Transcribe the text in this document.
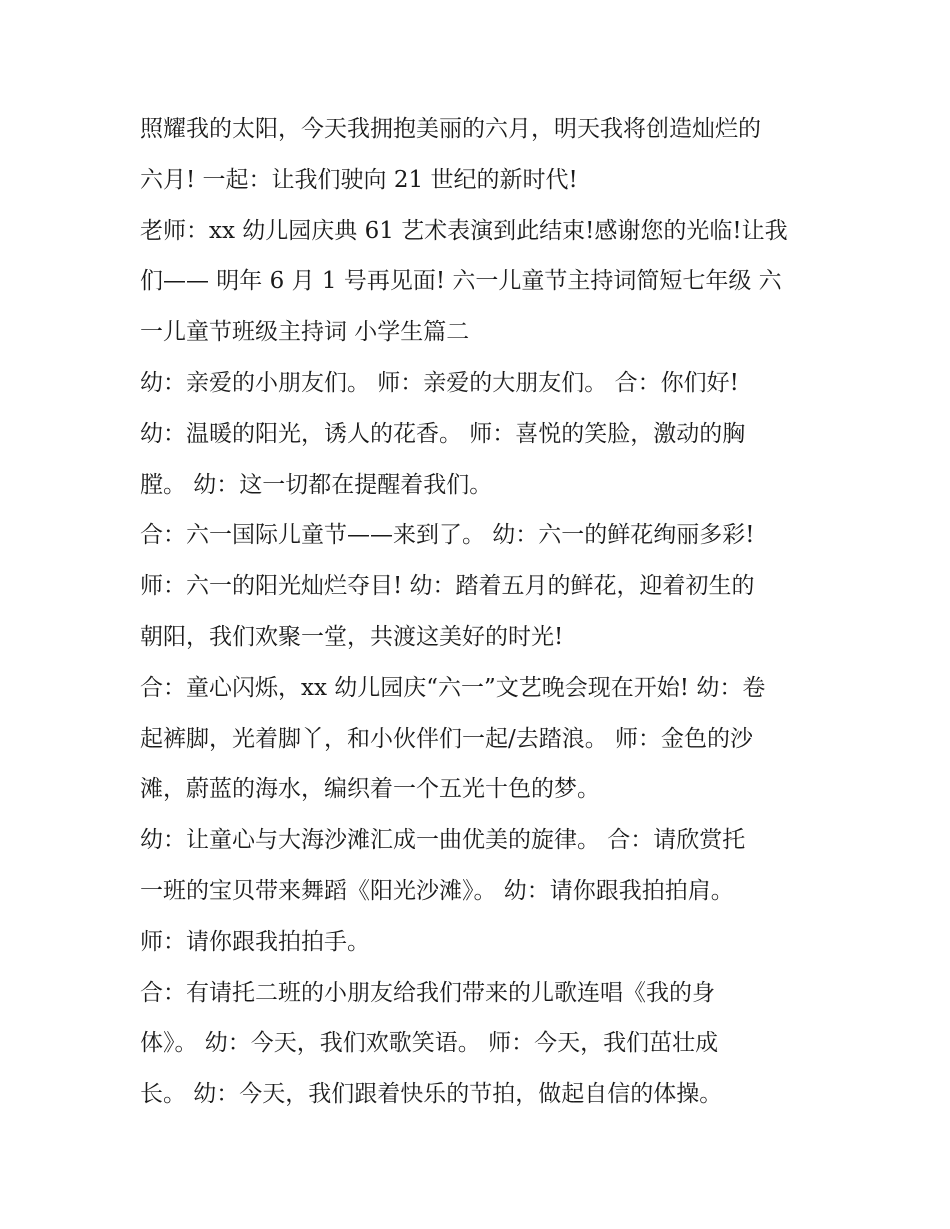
照耀我的太阳，今天我拥抱美丽的六月，明天我将创造灿烂的
六月! 一起：让我们驶向 21 世纪的新时代!
老师：xx 幼儿园庆典 61 艺术表演到此结束!感谢您的光临!让我
们—— 明年 6 月 1 号再见面! 六一儿童节主持词简短七年级 六
一儿童节班级主持词 小学生篇二
幼：亲爱的小朋友们。 师：亲爱的大朋友们。 合：你们好!
幼：温暖的阳光，诱人的花香。 师：喜悦的笑脸，激动的胸
膛。 幼：这一切都在提醒着我们。
合：六一国际儿童节——来到了。 幼：六一的鲜花绚丽多彩!
师：六一的阳光灿烂夺目! 幼：踏着五月的鲜花，迎着初生的
朝阳，我们欢聚一堂，共渡这美好的时光!
合：童心闪烁，xx 幼儿园庆“六一”文艺晚会现在开始! 幼：卷
起裤脚，光着脚丫，和小伙伴们一起/去踏浪。 师：金色的沙
滩，蔚蓝的海水，编织着一个五光十色的梦。
幼：让童心与大海沙滩汇成一曲优美的旋律。 合：请欣赏托
一班的宝贝带来舞蹈《阳光沙滩》。 幼：请你跟我拍拍肩。
师：请你跟我拍拍手。
合：有请托二班的小朋友给我们带来的儿歌连唱《我的身
体》。 幼：今天，我们欢歌笑语。 师：今天，我们茁壮成
长。 幼：今天，我们跟着快乐的节拍，做起自信的体操。
